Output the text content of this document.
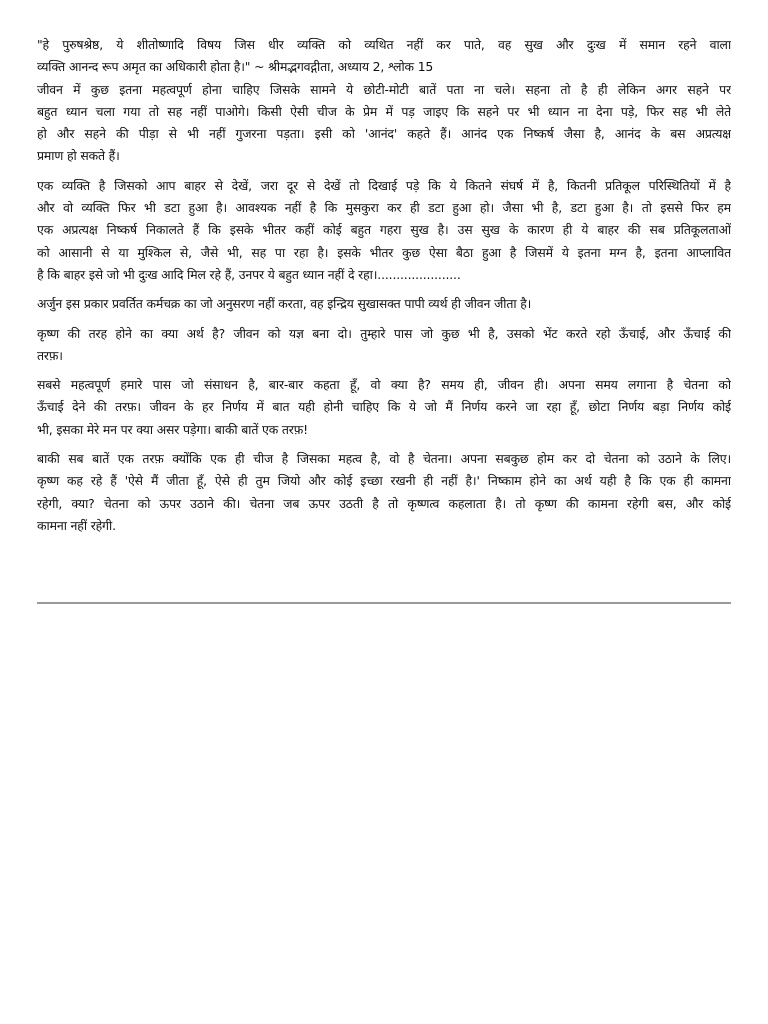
"हे पुरुषश्रेष्ठ, ये शीतोष्णादि विषय जिस धीर व्यक्ति को व्यथित नहीं कर पाते, वह सुख और दुःख में समान रहने वाला
व्यक्ति आनन्द रूप अमृत का अधिकारी होता है।" ~ श्रीमद्भगवद्गीता, अध्याय 2, श्लोक 15
जीवन में कुछ इतना महत्वपूर्ण होना चाहिए जिसके सामने ये छोटी-मोटी बातें पता ना चले। सहना तो है ही लेकिन अगर सहने पर
बहुत ध्यान चला गया तो सह नहीं पाओगे। किसी ऐसी चीज के प्रेम में पड़ जाइए कि सहने पर भी ध्यान ना देना पड़े, फिर सह भी लेते
हो और सहने की पीड़ा से भी नहीं गुजरना पड़ता। इसी को 'आनंद' कहते हैं। आनंद एक निष्कर्ष जैसा है, आनंद के बस अप्रत्यक्ष
प्रमाण हो सकते हैं।
एक व्यक्ति है जिसको आप बाहर से देखें, जरा दूर से देखें तो दिखाई पड़े कि ये कितने संघर्ष में है, कितनी प्रतिकूल परिस्थितियों में है
और वो व्यक्ति फिर भी डटा हुआ है। आवश्यक नहीं है कि मुसकुरा कर ही डटा हुआ हो। जैसा भी है, डटा हुआ है। तो इससे फिर हम
एक अप्रत्यक्ष निष्कर्ष निकालते हैं कि इसके भीतर कहीं कोई बहुत गहरा सुख है। उस सुख के कारण ही ये बाहर की सब प्रतिकूलताओं
को आसानी से या मुश्किल से, जैसे भी, सह पा रहा है। इसके भीतर कुछ ऐसा बैठा हुआ है जिसमें ये इतना मग्न है, इतना आप्लावित
है कि बाहर इसे जो भी दुःख आदि मिल रहे हैं, उनपर ये बहुत ध्यान नहीं दे रहा।......................
अर्जुन इस प्रकार प्रवर्तित कर्मचक्र का जो अनुसरण नहीं करता, वह इन्द्रिय सुखासक्त पापी व्यर्थ ही जीवन जीता है।
कृष्ण की तरह होने का क्या अर्थ है? जीवन को यज्ञ बना दो। तुम्हारे पास जो कुछ भी है, उसको भेंट करते रहो ऊँचाई, और ऊँचाई की
तरफ़।
सबसे महत्वपूर्ण हमारे पास जो संसाधन है, बार-बार कहता हूँ, वो क्या है? समय ही, जीवन ही। अपना समय लगाना है चेतना को
ऊँचाई देने की तरफ़। जीवन के हर निर्णय में बात यही होनी चाहिए कि ये जो मैं निर्णय करने जा रहा हूँ, छोटा निर्णय बड़ा निर्णय कोई
भी, इसका मेरे मन पर क्या असर पड़ेगा। बाकी बातें एक तरफ़!
बाकी सब बातें एक तरफ़ क्योंकि एक ही चीज है जिसका महत्व है, वो है चेतना। अपना सबकुछ होम कर दो चेतना को उठाने के लिए।
कृष्ण कह रहे हैं 'ऐसे मैं जीता हूँ, ऐसे ही तुम जियो और कोई इच्छा रखनी ही नहीं है।' निष्काम होने का अर्थ यही है कि एक ही कामना
रहेगी, क्या? चेतना को ऊपर उठाने की। चेतना जब ऊपर उठती है तो कृष्णत्व कहलाता है। तो कृष्ण की कामना रहेगी बस, और कोई
कामना नहीं रहेगी.
